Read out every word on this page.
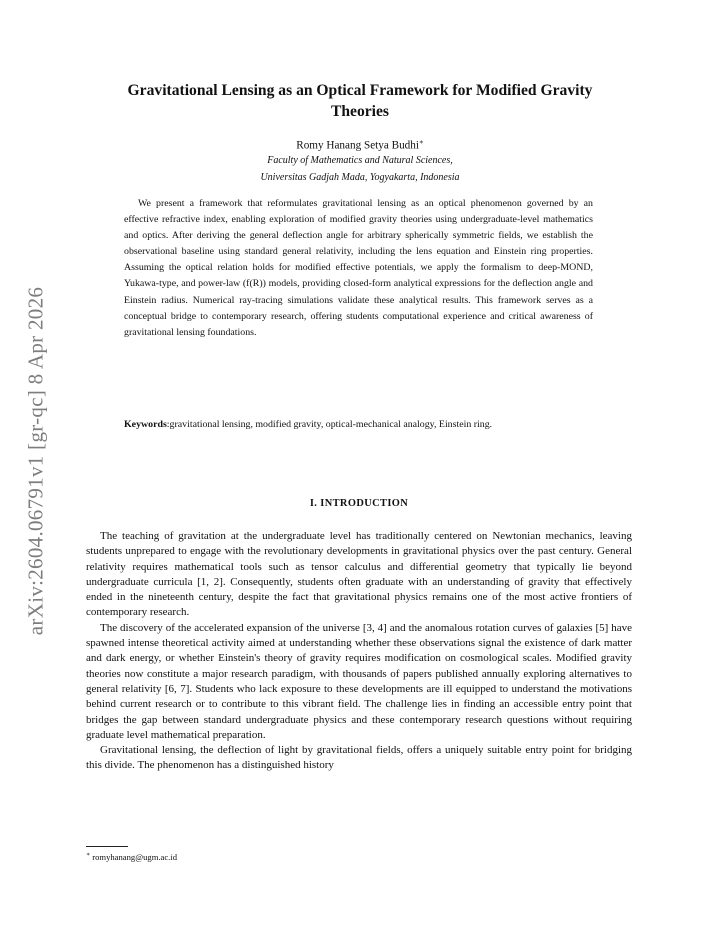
arXiv:2604.06791v1 [gr-qc] 8 Apr 2026
Gravitational Lensing as an Optical Framework for Modified Gravity Theories
Romy Hanang Setya Budhi∗
Faculty of Mathematics and Natural Sciences,
Universitas Gadjah Mada, Yogyakarta, Indonesia

We present a framework that reformulates gravitational lensing as an optical phenomenon governed by an effective refractive index, enabling exploration of modified gravity theories using undergraduate-level mathematics and optics. After deriving the general deflection angle for arbitrary spherically symmetric fields, we establish the observational baseline using standard general relativity, including the lens equation and Einstein ring properties. Assuming the optical relation holds for modified effective potentials, we apply the formalism to deep-MOND, Yukawa-type, and power-law (f(R)) models, providing closed-form analytical expressions for the deflection angle and Einstein radius. Numerical ray-tracing simulations validate these analytical results. This framework serves as a conceptual bridge to contemporary research, offering students computational experience and critical awareness of gravitational lensing foundations.

Keywords:gravitational lensing, modified gravity, optical-mechanical analogy, Einstein ring.

I. INTRODUCTION

The teaching of gravitation at the undergraduate level has traditionally centered on Newtonian mechanics, leaving students unprepared to engage with the revolutionary developments in gravitational physics over the past century. General relativity requires mathematical tools such as tensor calculus and differential geometry that typically lie beyond undergraduate curricula [1, 2]. Consequently, students often graduate with an understanding of gravity that effectively ended in the nineteenth century, despite the fact that gravitational physics remains one of the most active frontiers of contemporary research.

The discovery of the accelerated expansion of the universe [3, 4] and the anomalous rotation curves of galaxies [5] have spawned intense theoretical activity aimed at understanding whether these observations signal the existence of dark matter and dark energy, or whether Einstein's theory of gravity requires modification on cosmological scales. Modified gravity theories now constitute a major research paradigm, with thousands of papers published annually exploring alternatives to general relativity [6, 7]. Students who lack exposure to these developments are ill equipped to understand the motivations behind current research or to contribute to this vibrant field. The challenge lies in finding an accessible entry point that bridges the gap between standard undergraduate physics and these contemporary research questions without requiring graduate level mathematical preparation.

Gravitational lensing, the deflection of light by gravitational fields, offers a uniquely suitable entry point for bridging this divide. The phenomenon has a distinguished history

∗ romyhanang@ugm.ac.id
